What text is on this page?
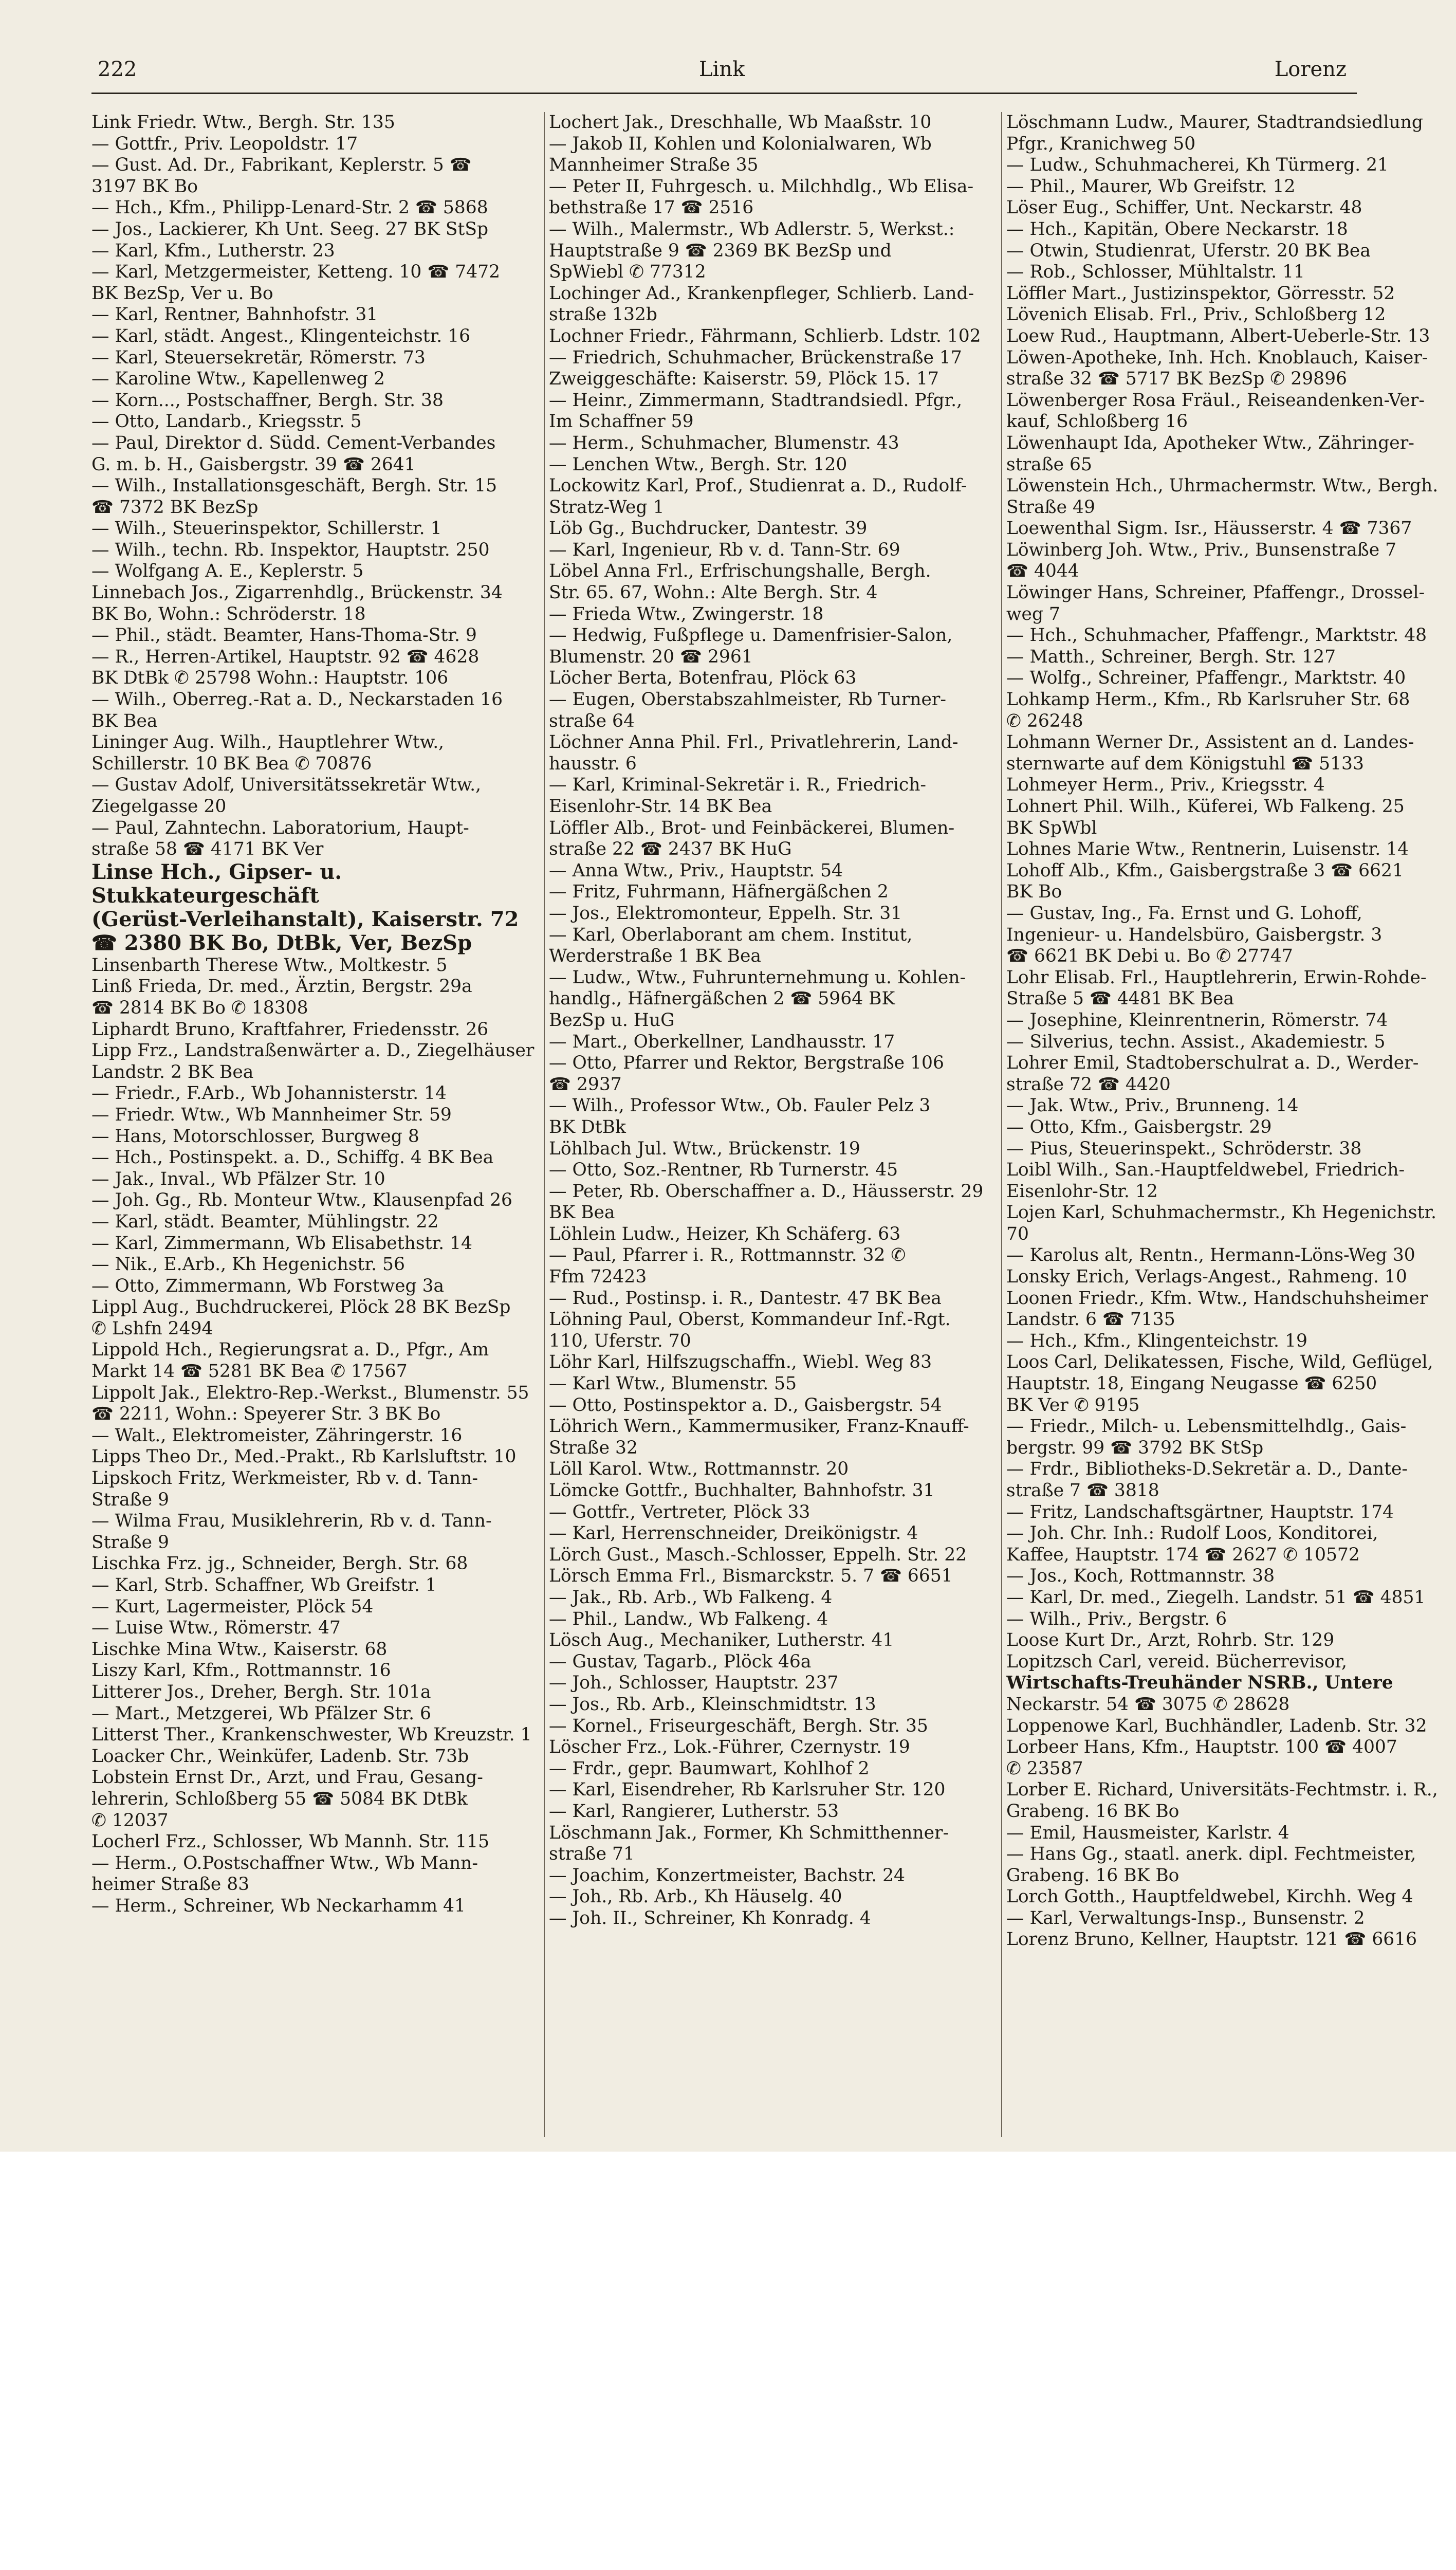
222	Link	Lorenz
Link Friedr. Wtw., Bergh. Str. 135
— Gottfr., Priv. Leopoldstr. 17
— Gust. Ad. Dr., Fabrikant, Keplerstr. 5 ☎
3197 BK Bo
— Hch., Kfm., Philipp-Lenard-Str. 2 ☎ 5868
— Jos., Lackierer, Kh Unt. Seeg. 27 BK StSp
— Karl, Kfm., Lutherstr. 23
— Karl, Metzgermeister, Ketteng. 10 ☎ 7472
BK BezSp, Ver u. Bo
— Karl, Rentner, Bahnhofstr. 31
— Karl, städt. Angest., Klingenteichstr. 16
— Karl, Steuersekretär, Römerstr. 73
— Karoline Wtw., Kapellenweg 2
— Korn..., Postschaffner, Bergh. Str. 38
— Otto, Landarb., Kriegsstr. 5
— Paul, Direktor d. Südd. Cement-Verbandes
G. m. b. H., Gaisbergstr. 39 ☎ 2641
— Wilh., Installationsgeschäft, Bergh. Str. 15
☎ 7372 BK BezSp
— Wilh., Steuerinspektor, Schillerstr. 1
— Wilh., techn. Rb. Inspektor, Hauptstr. 250
— Wolfgang A. E., Keplerstr. 5
Linnebach Jos., Zigarrenhdlg., Brückenstr. 34
BK Bo, Wohn.: Schröderstr. 18
— Phil., städt. Beamter, Hans-Thoma-Str. 9
— R., Herren-Artikel, Hauptstr. 92 ☎ 4628
BK DtBk ✆ 25798 Wohn.: Hauptstr. 106
— Wilh., Oberreg.-Rat a. D., Neckarstaden 16
BK Bea
Lininger Aug. Wilh., Hauptlehrer Wtw.,
Schillerstr. 10 BK Bea ✆ 70876
— Gustav Adolf, Universitätssekretär Wtw.,
Ziegelgasse 20
— Paul, Zahntechn. Laboratorium, Haupt-
straße 58 ☎ 4171 BK Ver
Linse Hch., Gipser- u. Stukkateurgeschäft
(Gerüst-Verleihanstalt), Kaiserstr. 72
☎ 2380 BK Bo, DtBk, Ver, BezSp
Linsenbarth Therese Wtw., Moltkestr. 5
Linß Frieda, Dr. med., Ärztin, Bergstr. 29a
☎ 2814 BK Bo ✆ 18308
Liphardt Bruno, Kraftfahrer, Friedensstr. 26
Lipp Frz., Landstraßenwärter a. D., Ziegelhäuser
Landstr. 2 BK Bea
— Friedr., F.Arb., Wb Johannisterstr. 14
— Friedr. Wtw., Wb Mannheimer Str. 59
— Hans, Motorschlosser, Burgweg 8
— Hch., Postinspekt. a. D., Schiffg. 4 BK Bea
— Jak., Inval., Wb Pfälzer Str. 10
— Joh. Gg., Rb. Monteur Wtw., Klausenpfad 26
— Karl, städt. Beamter, Mühlingstr. 22
— Karl, Zimmermann, Wb Elisabethstr. 14
— Nik., E.Arb., Kh Hegenichstr. 56
— Otto, Zimmermann, Wb Forstweg 3a
Lippl Aug., Buchdruckerei, Plöck 28 BK BezSp
✆ Lshfn 2494
Lippold Hch., Regierungsrat a. D., Pfgr., Am
Markt 14 ☎ 5281 BK Bea ✆ 17567
Lippolt Jak., Elektro-Rep.-Werkst., Blumenstr. 55
☎ 2211, Wohn.: Speyerer Str. 3 BK Bo
— Walt., Elektromeister, Zähringerstr. 16
Lipps Theo Dr., Med.-Prakt., Rb Karlsluftstr. 10
Lipskoch Fritz, Werkmeister, Rb v. d. Tann-
Straße 9
— Wilma Frau, Musiklehrerin, Rb v. d. Tann-
Straße 9
Lischka Frz. jg., Schneider, Bergh. Str. 68
— Karl, Strb. Schaffner, Wb Greifstr. 1
— Kurt, Lagermeister, Plöck 54
— Luise Wtw., Römerstr. 47
Lischke Mina Wtw., Kaiserstr. 68
Liszy Karl, Kfm., Rottmannstr. 16
Litterer Jos., Dreher, Bergh. Str. 101a
— Mart., Metzgerei, Wb Pfälzer Str. 6
Litterst Ther., Krankenschwester, Wb Kreuzstr. 1
Loacker Chr., Weinküfer, Ladenb. Str. 73b
Lobstein Ernst Dr., Arzt, und Frau, Gesang-
lehrerin, Schloßberg 55 ☎ 5084 BK DtBk
✆ 12037
Locherl Frz., Schlosser, Wb Mannh. Str. 115
— Herm., O.Postschaffner Wtw., Wb Mann-
heimer Straße 83
— Herm., Schreiner, Wb Neckarhamm 41
Lochert Jak., Dreschhalle, Wb Maaßstr. 10
— Jakob II, Kohlen und Kolonialwaren, Wb
Mannheimer Straße 35
— Peter II, Fuhrgesch. u. Milchhdlg., Wb Elisa-
bethstraße 17 ☎ 2516
— Wilh., Malermstr., Wb Adlerstr. 5, Werkst.:
Hauptstraße 9 ☎ 2369 BK BezSp und
SpWiebl ✆ 77312
Lochinger Ad., Krankenpfleger, Schlierb. Land-
straße 132b
Lochner Friedr., Fährmann, Schlierb. Ldstr. 102
— Friedrich, Schuhmacher, Brückenstraße 17
Zweiggeschäfte: Kaiserstr. 59, Plöck 15. 17
— Heinr., Zimmermann, Stadtrandsiedl. Pfgr.,
Im Schaffner 59
— Herm., Schuhmacher, Blumenstr. 43
— Lenchen Wtw., Bergh. Str. 120
Lockowitz Karl, Prof., Studienrat a. D., Rudolf-
Stratz-Weg 1
Löb Gg., Buchdrucker, Dantestr. 39
— Karl, Ingenieur, Rb v. d. Tann-Str. 69
Löbel Anna Frl., Erfrischungshalle, Bergh.
Str. 65. 67, Wohn.: Alte Bergh. Str. 4
— Frieda Wtw., Zwingerstr. 18
— Hedwig, Fußpflege u. Damenfrisier-Salon,
Blumenstr. 20 ☎ 2961
Löcher Berta, Botenfrau, Plöck 63
— Eugen, Oberstabszahlmeister, Rb Turner-
straße 64
Löchner Anna Phil. Frl., Privatlehrerin, Land-
hausstr. 6
— Karl, Kriminal-Sekretär i. R., Friedrich-
Eisenlohr-Str. 14 BK Bea
Löffler Alb., Brot- und Feinbäckerei, Blumen-
straße 22 ☎ 2437 BK HuG
— Anna Wtw., Priv., Hauptstr. 54
— Fritz, Fuhrmann, Häfnergäßchen 2
— Jos., Elektromonteur, Eppelh. Str. 31
— Karl, Oberlaborant am chem. Institut,
Werderstraße 1 BK Bea
— Ludw., Wtw., Fuhrunternehmung u. Kohlen-
handlg., Häfnergäßchen 2 ☎ 5964 BK
BezSp u. HuG
— Mart., Oberkellner, Landhausstr. 17
— Otto, Pfarrer und Rektor, Bergstraße 106
☎ 2937
— Wilh., Professor Wtw., Ob. Fauler Pelz 3
BK DtBk
Löhlbach Jul. Wtw., Brückenstr. 19
— Otto, Soz.-Rentner, Rb Turnerstr. 45
— Peter, Rb. Oberschaffner a. D., Häusserstr. 29
BK Bea
Löhlein Ludw., Heizer, Kh Schäferg. 63
— Paul, Pfarrer i. R., Rottmannstr. 32 ✆
Ffm 72423
— Rud., Postinsp. i. R., Dantestr. 47 BK Bea
Löhning Paul, Oberst, Kommandeur Inf.-Rgt.
110, Uferstr. 70
Löhr Karl, Hilfszugschaffn., Wiebl. Weg 83
— Karl Wtw., Blumenstr. 55
— Otto, Postinspektor a. D., Gaisbergstr. 54
Löhrich Wern., Kammermusiker, Franz-Knauff-
Straße 32
Löll Karol. Wtw., Rottmannstr. 20
Lömcke Gottfr., Buchhalter, Bahnhofstr. 31
— Gottfr., Vertreter, Plöck 33
— Karl, Herrenschneider, Dreikönigstr. 4
Lörch Gust., Masch.-Schlosser, Eppelh. Str. 22
Lörsch Emma Frl., Bismarckstr. 5. 7 ☎ 6651
— Jak., Rb. Arb., Wb Falkeng. 4
— Phil., Landw., Wb Falkeng. 4
Lösch Aug., Mechaniker, Lutherstr. 41
— Gustav, Tagarb., Plöck 46a
— Joh., Schlosser, Hauptstr. 237
— Jos., Rb. Arb., Kleinschmidtstr. 13
— Kornel., Friseurgeschäft, Bergh. Str. 35
Löscher Frz., Lok.-Führer, Czernystr. 19
— Frdr., gepr. Baumwart, Kohlhof 2
— Karl, Eisendreher, Rb Karlsruher Str. 120
— Karl, Rangierer, Lutherstr. 53
Löschmann Jak., Former, Kh Schmitthenner-
straße 71
— Joachim, Konzertmeister, Bachstr. 24
— Joh., Rb. Arb., Kh Häuselg. 40
— Joh. II., Schreiner, Kh Konradg. 4
Löschmann Ludw., Maurer, Stadtrandsiedlung
Pfgr., Kranichweg 50
— Ludw., Schuhmacherei, Kh Türmerg. 21
— Phil., Maurer, Wb Greifstr. 12
Löser Eug., Schiffer, Unt. Neckarstr. 48
— Hch., Kapitän, Obere Neckarstr. 18
— Otwin, Studienrat, Uferstr. 20 BK Bea
— Rob., Schlosser, Mühltalstr. 11
Löffler Mart., Justizinspektor, Görresstr. 52
Lövenich Elisab. Frl., Priv., Schloßberg 12
Loew Rud., Hauptmann, Albert-Ueberle-Str. 13
Löwen-Apotheke, Inh. Hch. Knoblauch, Kaiser-
straße 32 ☎ 5717 BK BezSp ✆ 29896
Löwenberger Rosa Fräul., Reiseandenken-Ver-
kauf, Schloßberg 16
Löwenhaupt Ida, Apotheker Wtw., Zähringer-
straße 65
Löwenstein Hch., Uhrmachermstr. Wtw., Bergh.
Straße 49
Loewenthal Sigm. Isr., Häusserstr. 4 ☎ 7367
Löwinberg Joh. Wtw., Priv., Bunsenstraße 7
☎ 4044
Löwinger Hans, Schreiner, Pfaffengr., Drossel-
weg 7
— Hch., Schuhmacher, Pfaffengr., Marktstr. 48
— Matth., Schreiner, Bergh. Str. 127
— Wolfg., Schreiner, Pfaffengr., Marktstr. 40
Lohkamp Herm., Kfm., Rb Karlsruher Str. 68
✆ 26248
Lohmann Werner Dr., Assistent an d. Landes-
sternwarte auf dem Königstuhl ☎ 5133
Lohmeyer Herm., Priv., Kriegsstr. 4
Lohnert Phil. Wilh., Küferei, Wb Falkeng. 25
BK SpWbl
Lohnes Marie Wtw., Rentnerin, Luisenstr. 14
Lohoff Alb., Kfm., Gaisbergstraße 3 ☎ 6621
BK Bo
— Gustav, Ing., Fa. Ernst und G. Lohoff,
Ingenieur- u. Handelsbüro, Gaisbergstr. 3
☎ 6621 BK Debi u. Bo ✆ 27747
Lohr Elisab. Frl., Hauptlehrerin, Erwin-Rohde-
Straße 5 ☎ 4481 BK Bea
— Josephine, Kleinrentnerin, Römerstr. 74
— Silverius, techn. Assist., Akademiestr. 5
Lohrer Emil, Stadtoberschulrat a. D., Werder-
straße 72 ☎ 4420
— Jak. Wtw., Priv., Brunneng. 14
— Otto, Kfm., Gaisbergstr. 29
— Pius, Steuerinspekt., Schröderstr. 38
Loibl Wilh., San.-Hauptfeldwebel, Friedrich-
Eisenlohr-Str. 12
Lojen Karl, Schuhmachermstr., Kh Hegenichstr. 70
— Karolus alt, Rentn., Hermann-Löns-Weg 30
Lonsky Erich, Verlags-Angest., Rahmeng. 10
Loonen Friedr., Kfm. Wtw., Handschuhsheimer
Landstr. 6 ☎ 7135
— Hch., Kfm., Klingenteichstr. 19
Loos Carl, Delikatessen, Fische, Wild, Geflügel,
Hauptstr. 18, Eingang Neugasse ☎ 6250
BK Ver ✆ 9195
— Friedr., Milch- u. Lebensmittelhdlg., Gais-
bergstr. 99 ☎ 3792 BK StSp
— Frdr., Bibliotheks-D.Sekretär a. D., Dante-
straße 7 ☎ 3818
— Fritz, Landschaftsgärtner, Hauptstr. 174
— Joh. Chr. Inh.: Rudolf Loos, Konditorei,
Kaffee, Hauptstr. 174 ☎ 2627 ✆ 10572
— Jos., Koch, Rottmannstr. 38
— Karl, Dr. med., Ziegelh. Landstr. 51 ☎ 4851
— Wilh., Priv., Bergstr. 6
Loose Kurt Dr., Arzt, Rohrb. Str. 129
Lopitzsch Carl, vereid. Bücherrevisor,
Wirtschafts-Treuhänder NSRB., Untere
Neckarstr. 54 ☎ 3075 ✆ 28628
Loppenowe Karl, Buchhändler, Ladenb. Str. 32
Lorbeer Hans, Kfm., Hauptstr. 100 ☎ 4007
✆ 23587
Lorber E. Richard, Universitäts-Fechtmstr. i. R.,
Grabeng. 16 BK Bo
— Emil, Hausmeister, Karlstr. 4
— Hans Gg., staatl. anerk. dipl. Fechtmeister,
Grabeng. 16 BK Bo
Lorch Gotth., Hauptfeldwebel, Kirchh. Weg 4
— Karl, Verwaltungs-Insp., Bunsenstr. 2
Lorenz Bruno, Kellner, Hauptstr. 121 ☎ 6616
